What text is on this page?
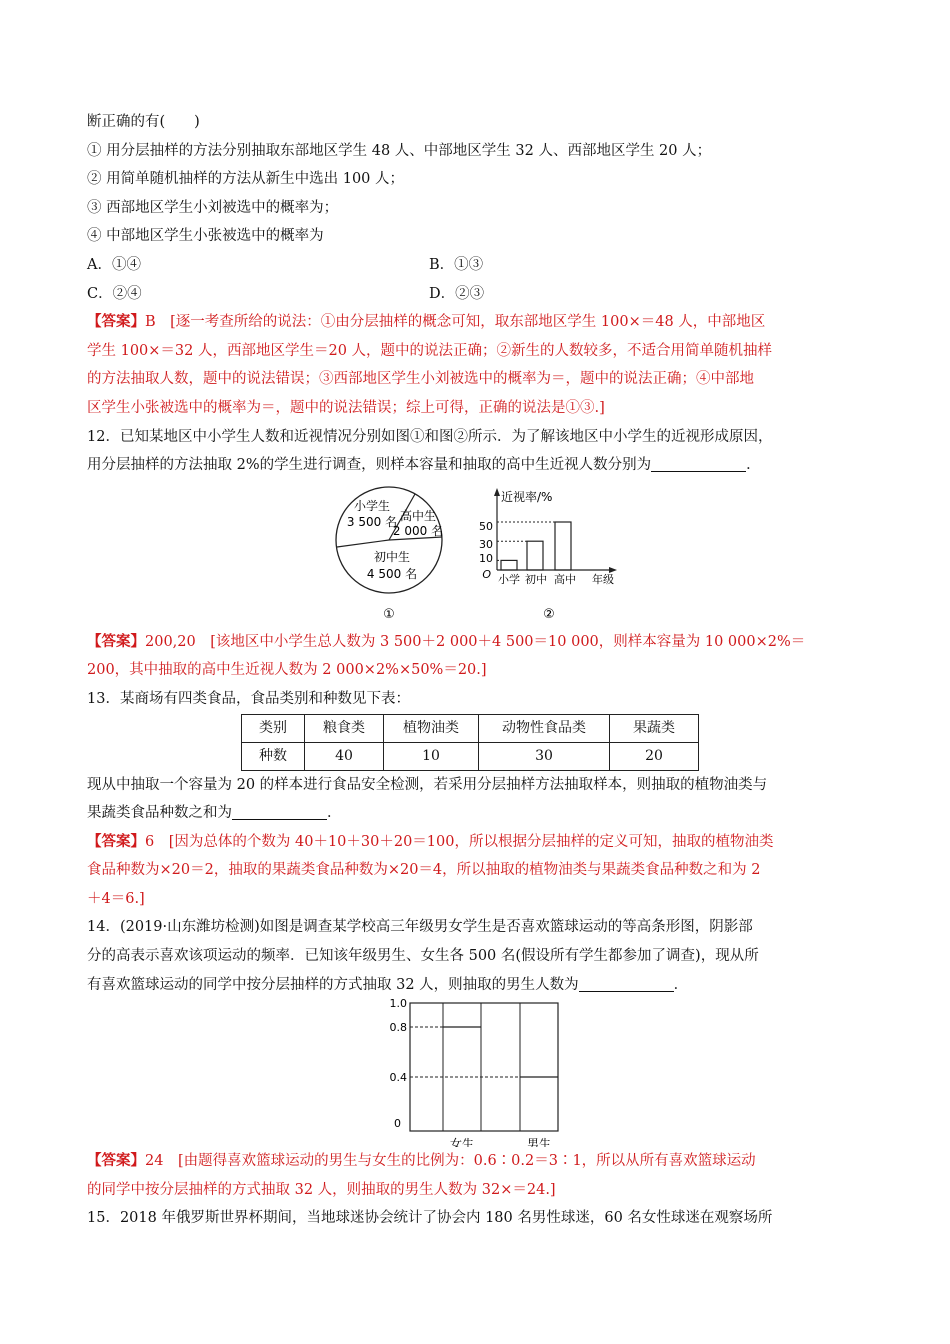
断正确的有(　　)
① 用分层抽样的方法分别抽取东部地区学生 48 人、中部地区学生 32 人、西部地区学生 20 人；
② 用简单随机抽样的方法从新生中选出 100 人；
③ 西部地区学生小刘被选中的概率为；
④ 中部地区学生小张被选中的概率为
A．①④	B．①③
C．②④	D．②③
【答案】B　[逐一考查所给的说法：①由分层抽样的概念可知，取东部地区学生 100×＝48 人，中部地区
学生 100×＝32 人，西部地区学生＝20 人，题中的说法正确；②新生的人数较多，不适合用简单随机抽样
的方法抽取人数，题中的说法错误；③西部地区学生小刘被选中的概率为＝，题中的说法正确；④中部地
区学生小张被选中的概率为＝，题中的说法错误；综上可得，正确的说法是①③.]
12．已知某地区中小学生人数和近视情况分别如图①和图②所示．为了解该地区中小学生的近视形成原因，
用分层抽样的方法抽取 2%的学生进行调查，则样本容量和抽取的高中生近视人数分别为	．
小学生
3 500 名 高中生
2 000 名
初中生
4 500 名
①
近视率/%
50
30
10
O 小学 初中 高中 年级
②
【答案】200,20　[该地区中小学生总人数为 3 500＋2 000＋4 500＝10 000，则样本容量为 10 000×2%＝
200，其中抽取的高中生近视人数为 2 000×2%×50%＝20.]
13．某商场有四类食品，食品类别和种数见下表：
类别	粮食类	植物油类	动物性食品类	果蔬类
种数	40	10	30	20
现从中抽取一个容量为 20 的样本进行食品安全检测，若采用分层抽样方法抽取样本，则抽取的植物油类与
果蔬类食品种数之和为	．
【答案】6　[因为总体的个数为 40＋10＋30＋20＝100，所以根据分层抽样的定义可知，抽取的植物油类
食品种数为×20＝2，抽取的果蔬类食品种数为×20＝4，所以抽取的植物油类与果蔬类食品种数之和为 2
＋4＝6.]
14．(2019·山东潍坊检测)如图是调查某学校高三年级男女学生是否喜欢篮球运动的等高条形图，阴影部
分的高表示喜欢该项运动的频率．已知该年级男生、女生各 500 名(假设所有学生都参加了调查)，现从所
有喜欢篮球运动的同学中按分层抽样的方式抽取 32 人，则抽取的男生人数为	．
1.0
0.8
0.4
0
女生	男生
【答案】24　[由题得喜欢篮球运动的男生与女生的比例为：0.6∶0.2＝3∶1，所以从所有喜欢篮球运动
的同学中按分层抽样的方式抽取 32 人，则抽取的男生人数为 32×＝24.]
15．2018 年俄罗斯世界杯期间，当地球迷协会统计了协会内 180 名男性球迷，60 名女性球迷在观察场所
